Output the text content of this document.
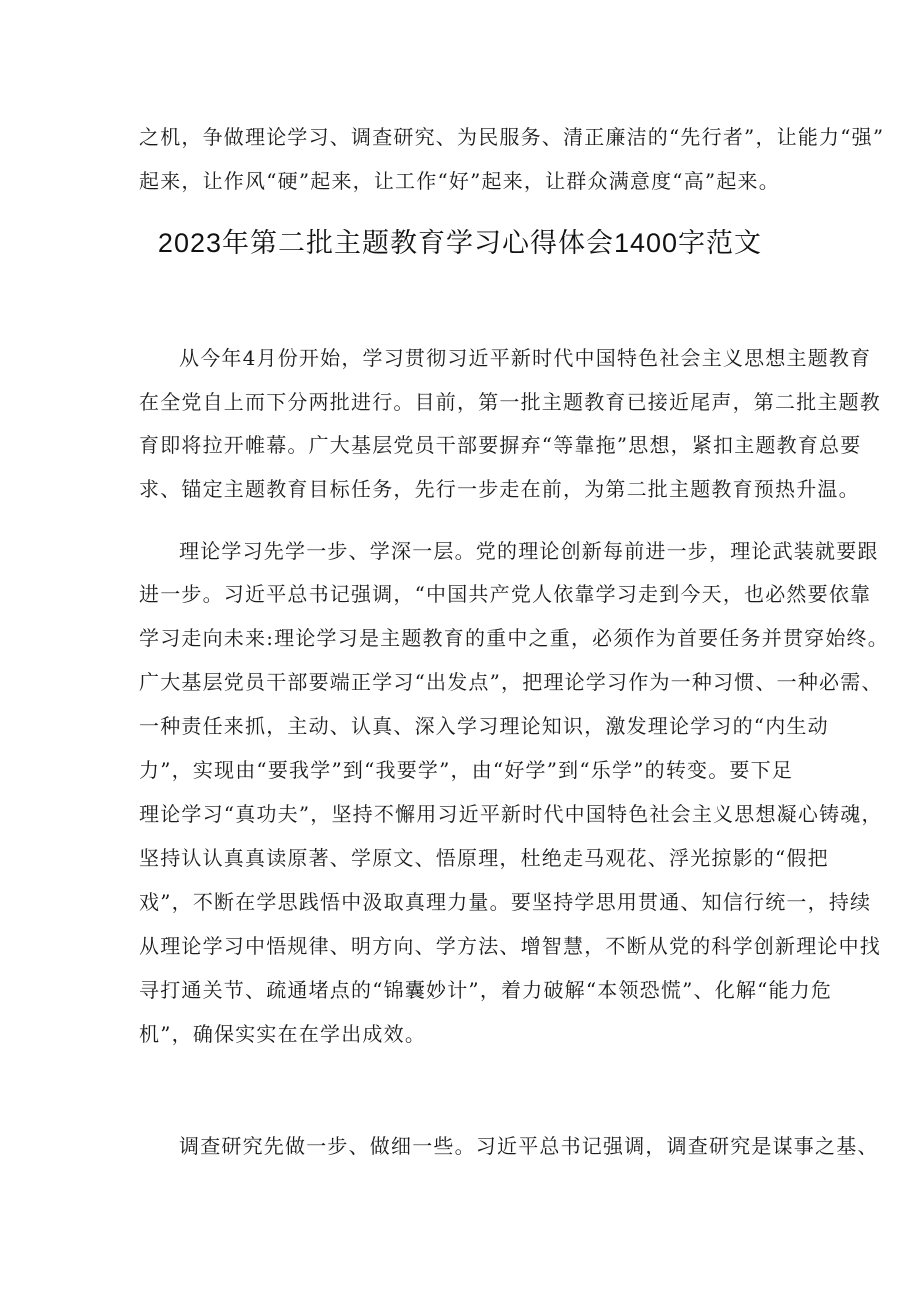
之机，争做理论学习、调查研究、为民服务、清正廉洁的“先行者”，让能力“强”
起来，让作风“硬”起来，让工作“好”起来，让群众满意度“高”起来。
2023年第二批主题教育学习心得体会1400字范文
从今年4月份开始，学习贯彻习近平新时代中国特色社会主义思想主题教育
在全党自上而下分两批进行。目前，第一批主题教育已接近尾声，第二批主题教
育即将拉开帷幕。广大基层党员干部要摒弃“等靠拖”思想，紧扣主题教育总要
求、锚定主题教育目标任务，先行一步走在前，为第二批主题教育预热升温。
理论学习先学一步、学深一层。党的理论创新每前进一步，理论武装就要跟
进一步。习近平总书记强调，“中国共产党人依靠学习走到今天，也必然要依靠
学习走向未来:理论学习是主题教育的重中之重，必须作为首要任务并贯穿始终。
广大基层党员干部要端正学习“出发点”，把理论学习作为一种习惯、一种必需、
一种责任来抓，主动、认真、深入学习理论知识，激发理论学习的“内生动
力”，实现由“要我学”到“我要学”，由“好学”到“乐学”的转变。要下足
理论学习“真功夫”，坚持不懈用习近平新时代中国特色社会主义思想凝心铸魂，
坚持认认真真读原著、学原文、悟原理，杜绝走马观花、浮光掠影的“假把
戏”，不断在学思践悟中汲取真理力量。要坚持学思用贯通、知信行统一，持续
从理论学习中悟规律、明方向、学方法、增智慧，不断从党的科学创新理论中找
寻打通关节、疏通堵点的“锦囊妙计”，着力破解“本领恐慌”、化解“能力危
机”，确保实实在在学出成效。
调查研究先做一步、做细一些。习近平总书记强调，调查研究是谋事之基、
